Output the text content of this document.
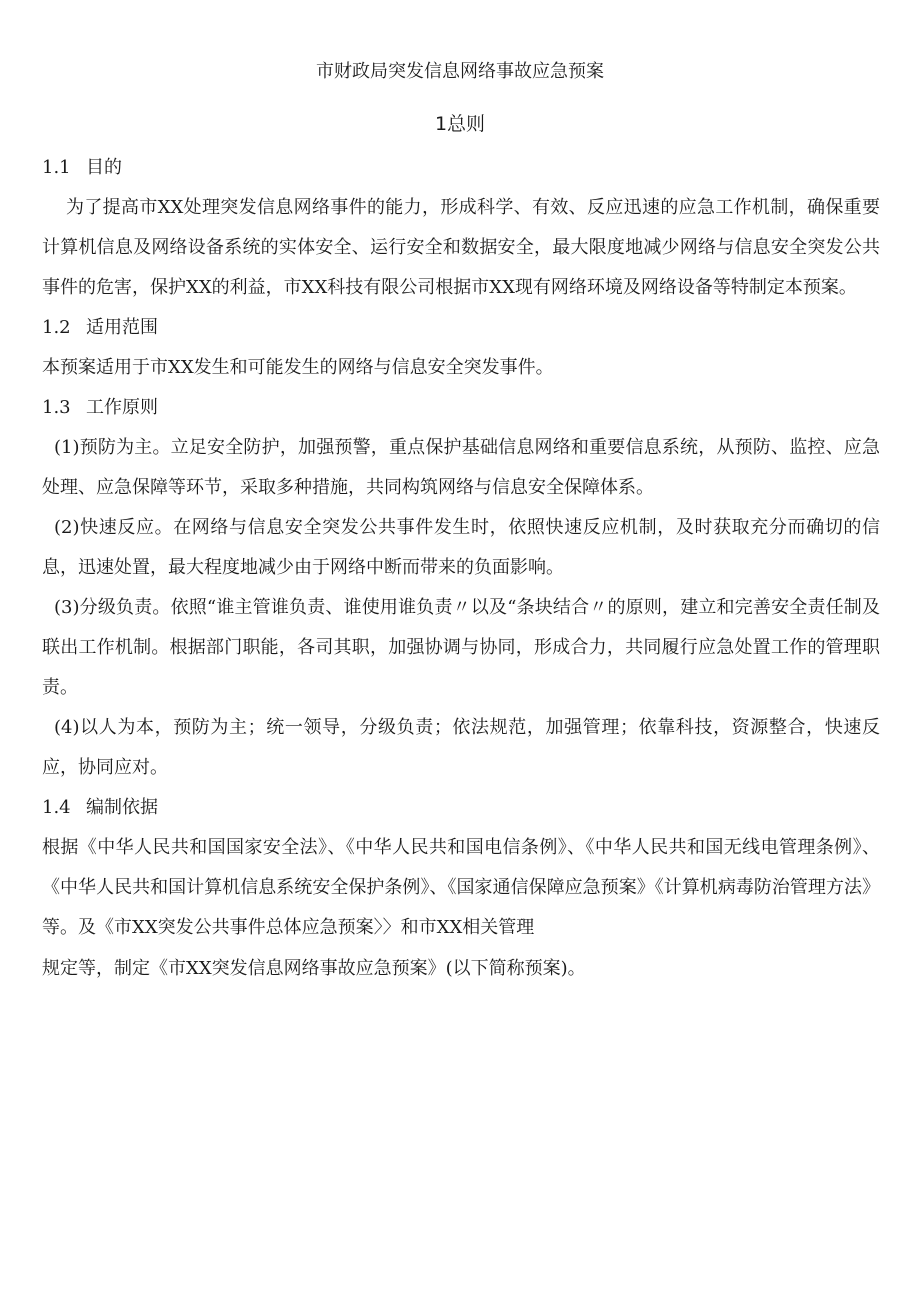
市财政局突发信息网络事故应急预案
1总则
1.1 目的

为了提高市XX处理突发信息网络事件的能力，形成科学、有效、反应迅速的应急工作机制，确保重要计算机信息及网络设备系统的实体安全、运行安全和数据安全，最大限度地减少网络与信息安全突发公共事件的危害，保护XX的利益，市XX科技有限公司根据市XX现有网络环境及网络设备等特制定本预案。

1.2 适用范围

本预案适用于市XX发生和可能发生的网络与信息安全突发事件。

1.3 工作原则

(1)预防为主。立足安全防护，加强预警，重点保护基础信息网络和重要信息系统，从预防、监控、应急处理、应急保障等环节，采取多种措施，共同构筑网络与信息安全保障体系。

(2)快速反应。在网络与信息安全突发公共事件发生时，依照快速反应机制，及时获取充分而确切的信息，迅速处置，最大程度地减少由于网络中断而带来的负面影响。

(3)分级负责。依照“谁主管谁负责、谁使用谁负责〃以及“条块结合〃的原则，建立和完善安全责任制及联出工作机制。根据部门职能，各司其职，加强协调与协同，形成合力，共同履行应急处置工作的管理职责。

(4)以人为本，预防为主；统一领导，分级负责；依法规范，加强管理；依靠科技，资源整合，快速反应，协同应对。

1.4 编制依据

根据《中华人民共和国国家安全法》、《中华人民共和国电信条例》、《中华人民共和国无线电管理条例》、《中华人民共和国计算机信息系统安全保护条例》、《国家通信保障应急预案》《计算机病毒防治管理方法》等。及《市XX突发公共事件总体应急预案〉〉和市XX相关管理

规定等，制定《市XX突发信息网络事故应急预案》(以下简称预案)。
